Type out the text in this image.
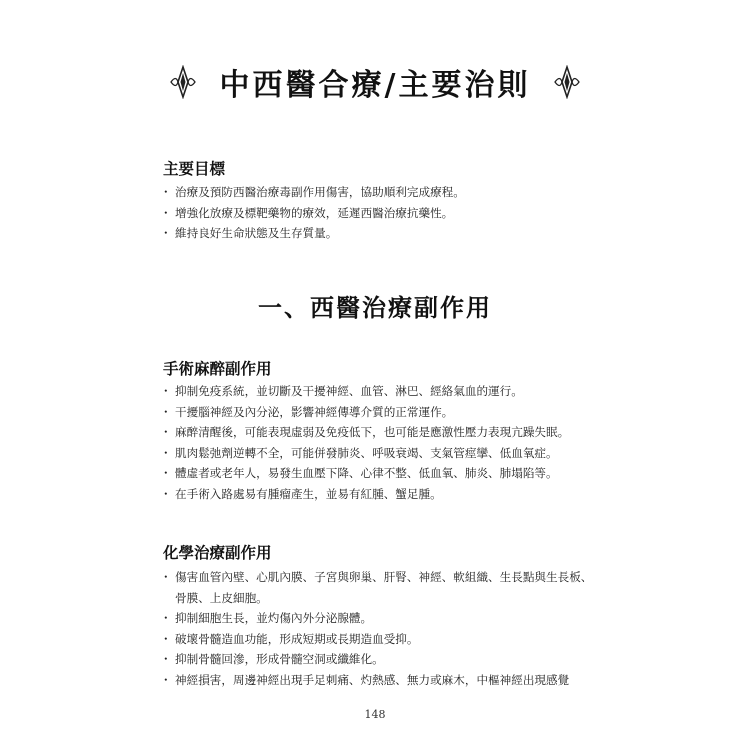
中西醫合療/主要治則
主要目標
・ 治療及預防西醫治療毒副作用傷害，協助順利完成療程。
・ 增強化放療及標靶藥物的療效，延遲西醫治療抗藥性。
・ 維持良好生命狀態及生存質量。
一、西醫治療副作用
手術麻醉副作用
・ 抑制免疫系統，並切斷及干擾神經、血管、淋巴、經絡氣血的運行。
・ 干擾腦神經及內分泌，影響神經傳導介質的正常運作。
・ 麻醉清醒後，可能表現虛弱及免疫低下，也可能是應激性壓力表現亢躁失眠。
・ 肌肉鬆弛劑逆轉不全，可能併發肺炎、呼吸衰竭、支氣管痙攣、低血氧症。
・ 體虛者或老年人，易發生血壓下降、心律不整、低血氧、肺炎、肺塌陷等。
・ 在手術入路處易有腫瘤產生，並易有紅腫、蟹足腫。
化學治療副作用
・ 傷害血管內壁、心肌內膜、子宮與卵巢、肝腎、神經、軟組織、生長點與生長板、骨膜、上皮細胞。
・ 抑制細胞生長，並灼傷內外分泌腺體。
・ 破壞骨髓造血功能，形成短期或長期造血受抑。
・ 抑制骨髓回滲，形成骨髓空洞或纖維化。
・ 神經損害，周邊神經出現手足刺痛、灼熱感、無力或麻木，中樞神經出現感覺
148
